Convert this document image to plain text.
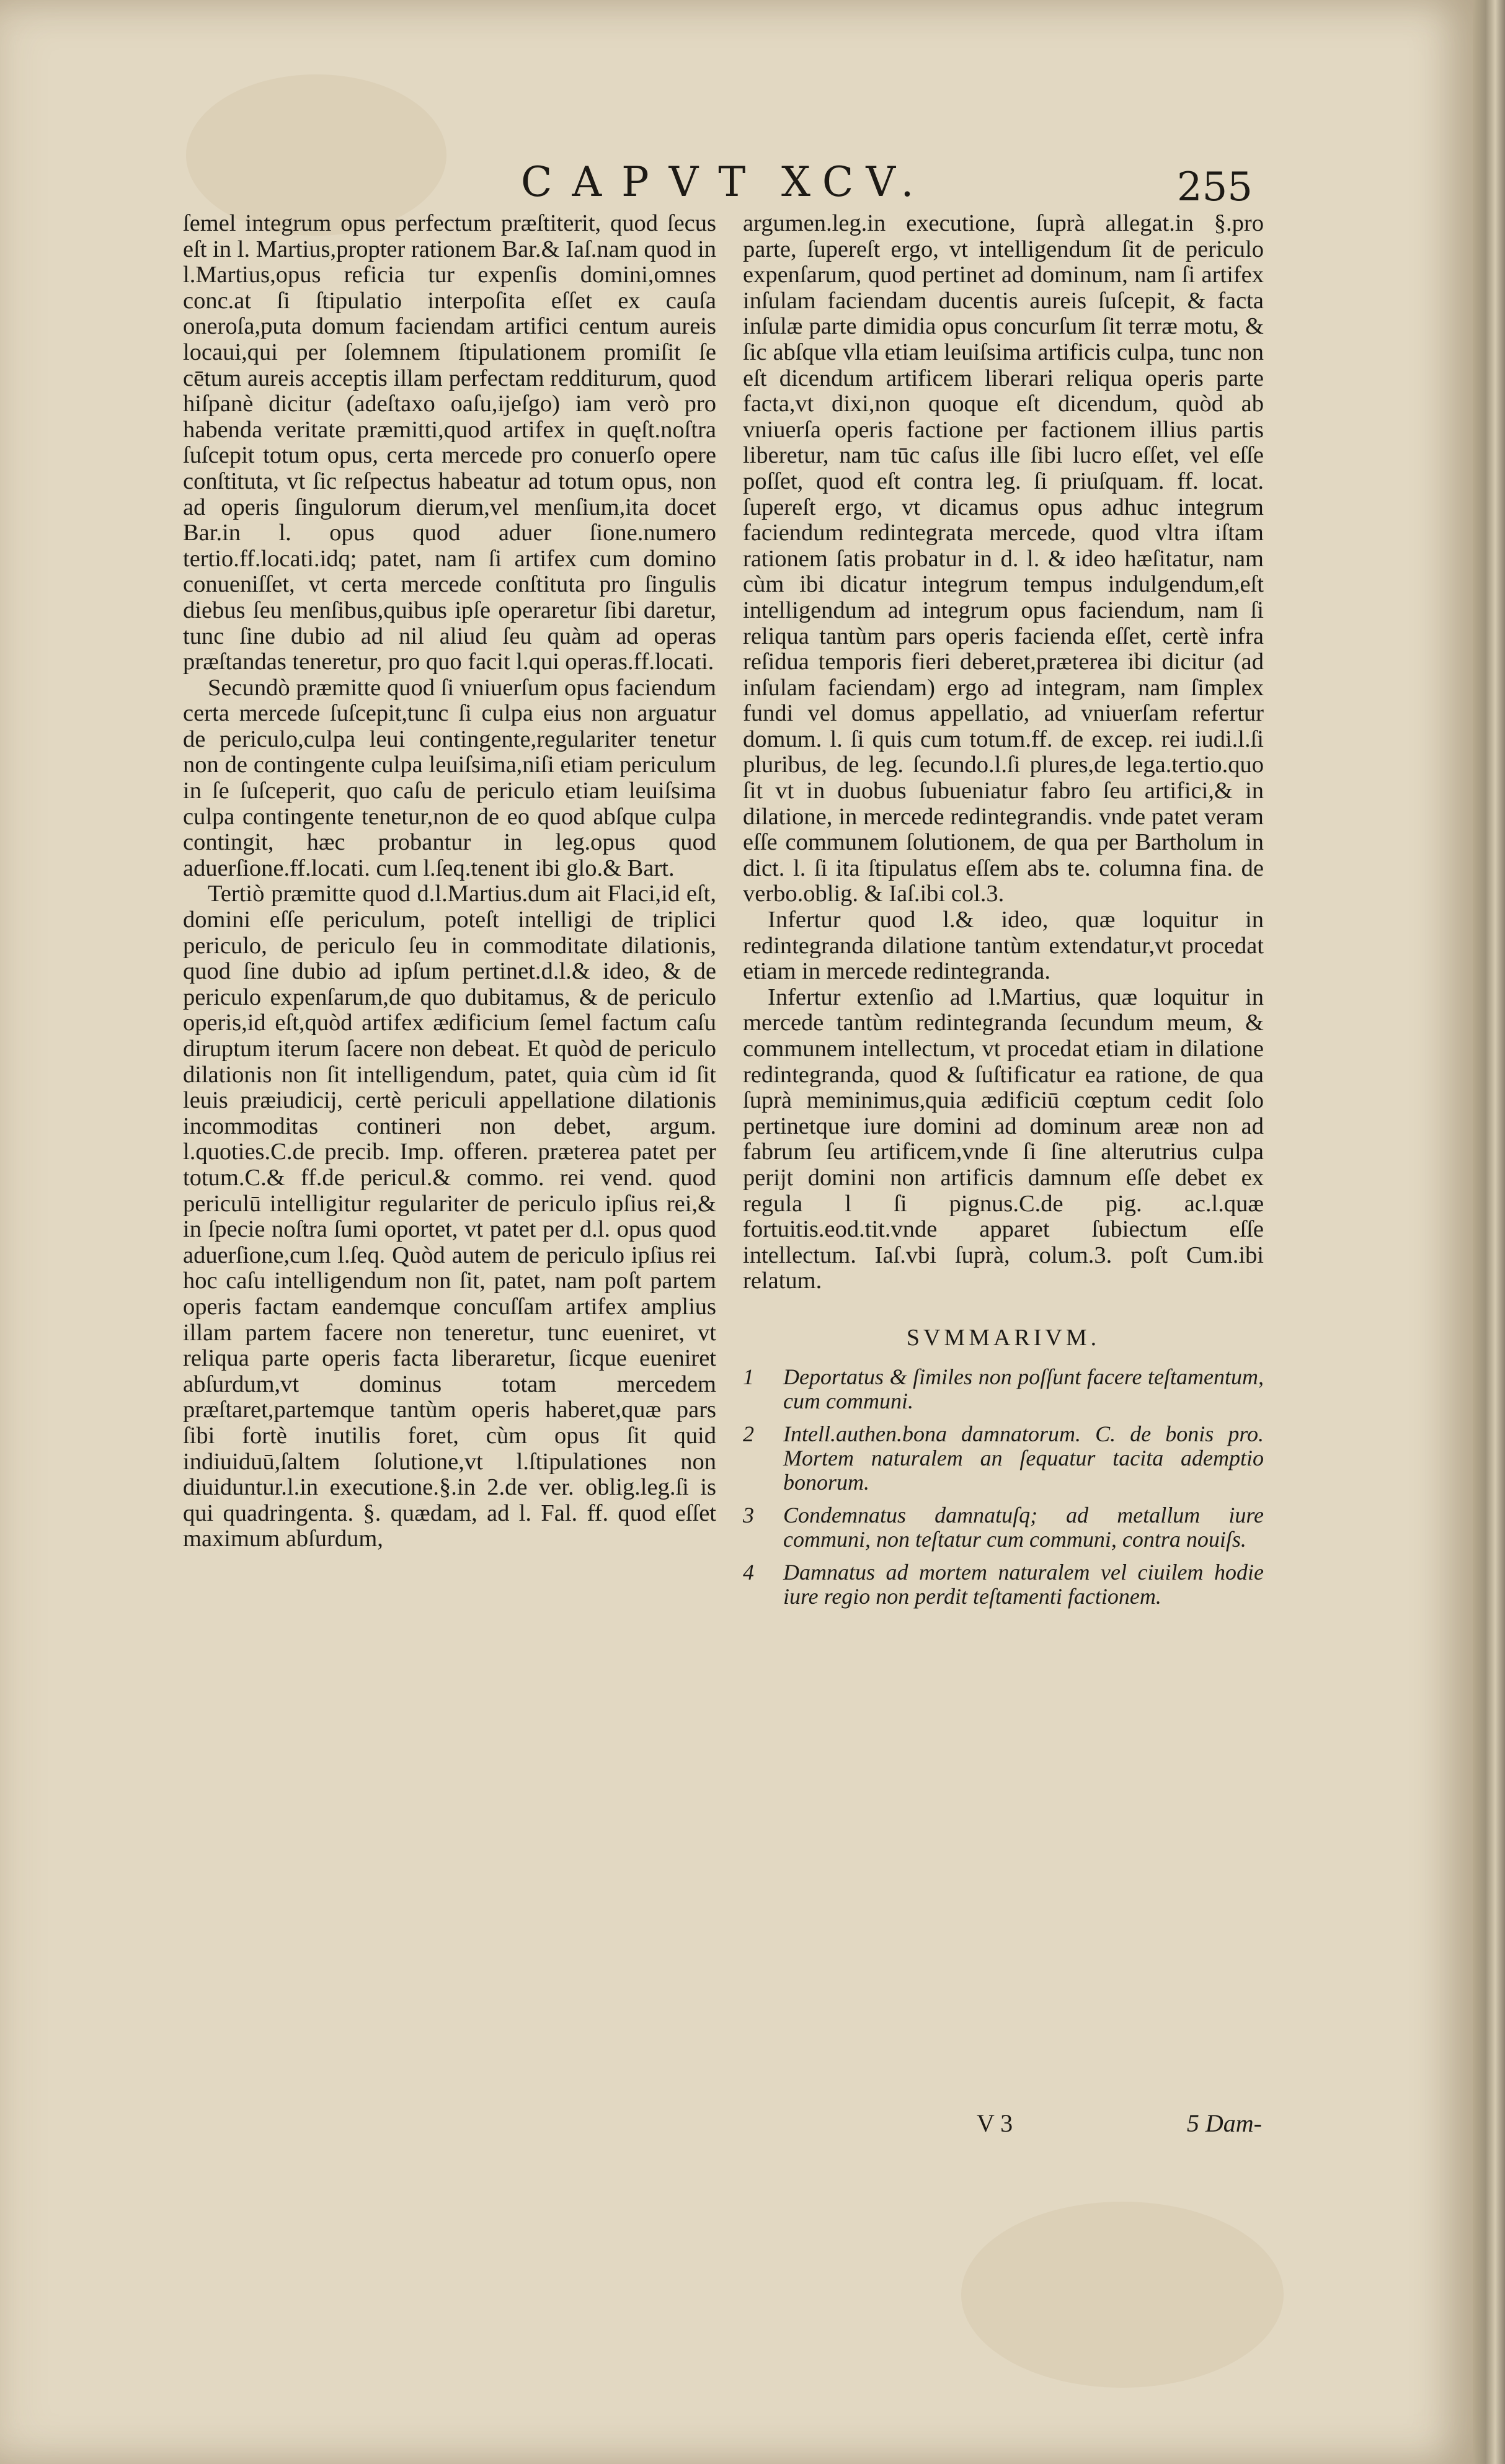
CAPVT XCV.	255

ſemel integrum opus perfectum præſtiterit, quod ſecus eſt in l. Martius,propter rationem Bar.& Iaſ.nam quod in l.Martius,opus reficia tur expenſis domini,omnes conc.at ſi ſtipulatio interpoſita eſſet ex cauſa oneroſa,puta domum faciendam artifici centum aureis locaui,qui per ſolemnem ſtipulationem promiſit ſe cētum aureis acceptis illam perfectam redditurum, quod hiſpanè dicitur (adeſtaxo oaſu,ijeſgo) iam verò pro habenda veritate præmitti,quod artifex in quęſt.noſtra ſuſcepit totum opus, certa mercede pro conuerſo opere conſtituta, vt ſic reſpectus habeatur ad totum opus, non ad operis ſingulorum dierum,vel menſium,ita docet Bar.in l. opus quod aduer ſione.numero tertio.ff.locati.idq; patet, nam ſi artifex cum domino conueniſſet, vt certa mercede conſtituta pro ſingulis diebus ſeu menſibus,quibus ipſe operaretur ſibi daretur, tunc ſine dubio ad nil aliud ſeu quàm ad operas præſtandas teneretur, pro quo facit l.qui operas.ff.locati.

Secundò præmitte quod ſi vniuerſum opus faciendum certa mercede ſuſcepit,tunc ſi culpa eius non arguatur de periculo,culpa leui contingente,regulariter tenetur non de contingente culpa leuiſsima,niſi etiam periculum in ſe ſuſceperit, quo caſu de periculo etiam leuiſsima culpa contingente tenetur,non de eo quod abſque culpa contingit, hæc probantur in leg.opus quod aduerſione.ff.locati. cum l.ſeq.tenent ibi glo.& Bart.

Tertiò præmitte quod d.l.Martius.dum ait Flaci,id eſt, domini eſſe periculum, poteſt intelligi de triplici periculo, de periculo ſeu in commoditate dilationis, quod ſine dubio ad ipſum pertinet.d.l.& ideo, & de periculo expenſarum,de quo dubitamus, & de periculo operis,id eſt,quòd artifex ædificium ſemel factum caſu diruptum iterum ſacere non debeat. Et quòd de periculo dilationis non ſit intelligendum, patet, quia cùm id ſit leuis præiudicij, certè periculi appellatione dilationis incommoditas contineri non debet, argum. l.quoties.C.de precib. Imp. offeren. præterea patet per totum.C.& ff.de pericul.& commo. rei vend. quod periculū intelligitur regulariter de periculo ipſius rei,& in ſpecie noſtra ſumi oportet, vt patet per d.l. opus quod aduerſione,cum l.ſeq. Quòd autem de periculo ipſius rei hoc caſu intelligendum non ſit, patet, nam poſt partem operis factam eandemque concuſſam artifex amplius illam partem facere non teneretur, tunc eueniret, vt reliqua parte operis facta liberaretur, ſicque eueniret abſurdum,vt dominus totam mercedem præſtaret,partemque tantùm operis haberet,quæ pars ſibi fortè inutilis foret, cùm opus ſit quid indiuiduū,ſaltem ſolutione,vt l.ſtipulationes non diuiduntur.l.in executione.§.in 2.de ver. oblig.leg.ſi is qui quadringenta. §. quædam, ad l. Fal. ff. quod eſſet maximum abſurdum,

argumen.leg.in executione, ſuprà allegat.in §.pro parte, ſupereſt ergo, vt intelligendum ſit de periculo expenſarum, quod pertinet ad dominum, nam ſi artifex inſulam faciendam ducentis aureis ſuſcepit, & facta inſulæ parte dimidia opus concurſum ſit terræ motu, & ſic abſque vlla etiam leuiſsima artificis culpa, tunc non eſt dicendum artificem liberari reliqua operis parte facta,vt dixi,non quoque eſt dicendum, quòd ab vniuerſa operis factione per factionem illius partis liberetur, nam tūc caſus ille ſibi lucro eſſet, vel eſſe poſſet, quod eſt contra leg. ſi priuſquam. ff. locat. ſupereſt ergo, vt dicamus opus adhuc integrum faciendum redintegrata mercede, quod vltra iſtam rationem ſatis probatur in d. l. & ideo hæſitatur, nam cùm ibi dicatur integrum tempus indulgendum,eſt intelligendum ad integrum opus faciendum, nam ſi reliqua tantùm pars operis facienda eſſet, certè infra reſidua temporis fieri deberet,præterea ibi dicitur (ad inſulam faciendam) ergo ad integram, nam ſimplex fundi vel domus appellatio, ad vniuerſam refertur domum. l. ſi quis cum totum.ff. de excep. rei iudi.l.ſi pluribus, de leg. ſecundo.l.ſi plures,de lega.tertio.quo ſit vt in duobus ſubueniatur fabro ſeu artifici,& in dilatione, in mercede redintegrandis. vnde patet veram eſſe communem ſolutionem, de qua per Bartholum in dict. l. ſi ita ſtipulatus eſſem abs te. columna fina. de verbo.oblig. & Iaſ.ibi col.3.

Infertur quod l.& ideo, quæ loquitur in redintegranda dilatione tantùm extendatur,vt procedat etiam in mercede redintegranda.

Infertur extenſio ad l.Martius, quæ loquitur in mercede tantùm redintegranda ſecundum meum, & communem intellectum, vt procedat etiam in dilatione redintegranda, quod & ſuſtificatur ea ratione, de qua ſuprà meminimus,quia ædificiū cœptum cedit ſolo pertinetque iure domini ad dominum areæ non ad fabrum ſeu artificem,vnde ſi ſine alterutrius culpa perijt domini non artificis damnum eſſe debet ex regula l ſi pignus.C.de pig. ac.l.quæ fortuitis.eod.tit.vnde apparet ſubiectum eſſe intellectum. Iaſ.vbi ſuprà, colum.3. poſt Cum.ibi relatum.

SVMMARIVM.
1 Deportatus & ſimiles non poſſunt facere teſtamentum, cum communi.
2 Intell.authen.bona damnatorum. C. de bonis pro. Mortem naturalem an ſequatur tacita ademptio bonorum.
3 Condemnatus damnatuſq; ad metallum iure communi, non teſtatur cum communi, contra nouiſs.
4 Damnatus ad mortem naturalem vel ciuilem hodie iure regio non perdit teſtamenti factionem.
V 3	5 Dam-
